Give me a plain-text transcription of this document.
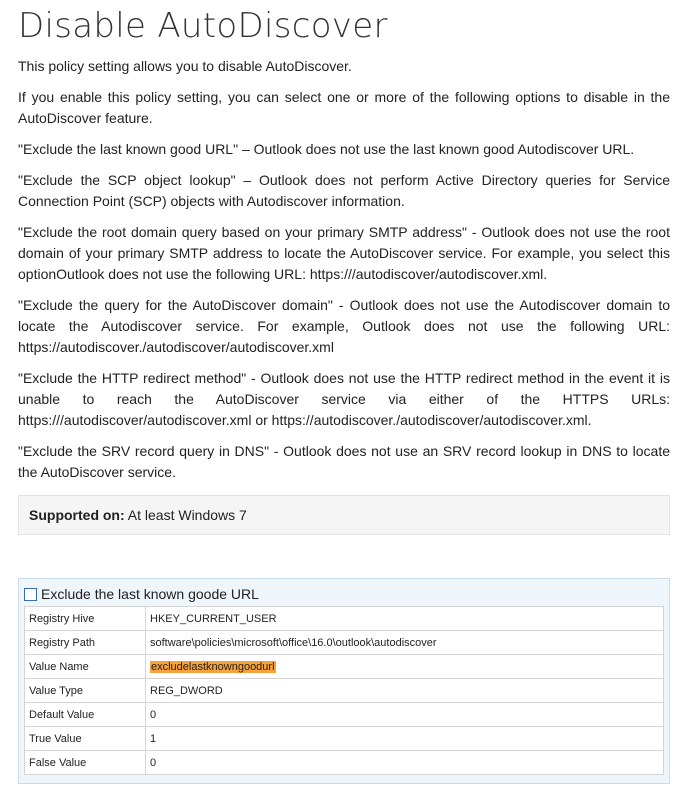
Disable AutoDiscover

This policy setting allows you to disable AutoDiscover.

If you enable this policy setting, you can select one or more of the following options to disable in the AutoDiscover feature.

"Exclude the last known good URL" – Outlook does not use the last known good Autodiscover URL.

"Exclude the SCP object lookup" – Outlook does not perform Active Directory queries for Service Connection Point (SCP) objects with Autodiscover information.

"Exclude the root domain query based on your primary SMTP address" - Outlook does not use the root domain of your primary SMTP address to locate the AutoDiscover service. For example, you select this optionOutlook does not use the following URL: https:///autodiscover/autodiscover.xml.

"Exclude the query for the AutoDiscover domain" - Outlook does not use the Autodiscover domain to locate the Autodiscover service. For example, Outlook does not use the following URL: https://autodiscover./autodiscover/autodiscover.xml

"Exclude the HTTP redirect method" - Outlook does not use the HTTP redirect method in the event it is unable to reach the AutoDiscover service via either of the HTTPS URLs: https:///autodiscover/autodiscover.xml or https://autodiscover./autodiscover/autodiscover.xml.

"Exclude the SRV record query in DNS" - Outlook does not use an SRV record lookup in DNS to locate the AutoDiscover service.

Supported on: At least Windows 7
Exclude the last known goode URL
Registry Hive	HKEY_CURRENT_USER
Registry Path	software\policies\microsoft\office\16.0\outlook\autodiscover
Value Name	excludelastknowngoodurl
Value Type	REG_DWORD
Default Value	0
True Value	1
False Value	0
